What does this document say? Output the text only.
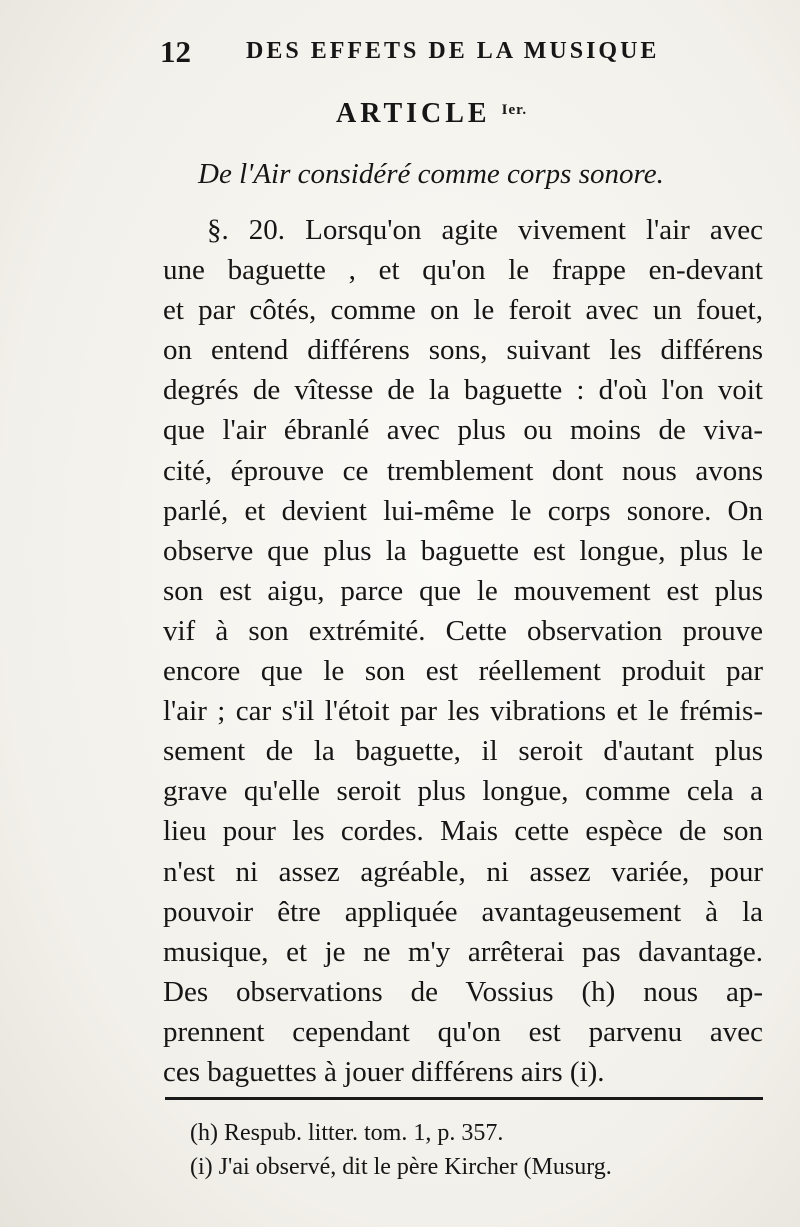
12 DES EFFETS DE LA MUSIQUE
ARTICLE $^{Ier.}$
De l'Air considéré comme corps sonore.
§. 20. Lorsqu'on agite vivement l'air avec
une baguette , et qu'on le frappe en-devant
et par côtés, comme on le feroit avec un fouet,
on entend différens sons, suivant les différens
degrés de vîtesse de la baguette : d'où l'on voit
que l'air ébranlé avec plus ou moins de viva-
cité, éprouve ce tremblement dont nous avons
parlé, et devient lui-même le corps sonore. On
observe que plus la baguette est longue, plus le
son est aigu, parce que le mouvement est plus
vif à son extrémité. Cette observation prouve
encore que le son est réellement produit par
l'air ; car s'il l'étoit par les vibrations et le frémis-
sement de la baguette, il seroit d'autant plus
grave qu'elle seroit plus longue, comme cela a
lieu pour les cordes. Mais cette espèce de son
n'est ni assez agréable, ni assez variée, pour
pouvoir être appliquée avantageusement à la
musique, et je ne m'y arrêterai pas davantage.
Des observations de Vossius (h) nous ap-
prennent cependant qu'on est parvenu avec
ces baguettes à jouer différens airs (i).
(h) Respub. litter. tom. 1, p. 357.
(i) J'ai observé, dit le père Kircher (Musurg.
